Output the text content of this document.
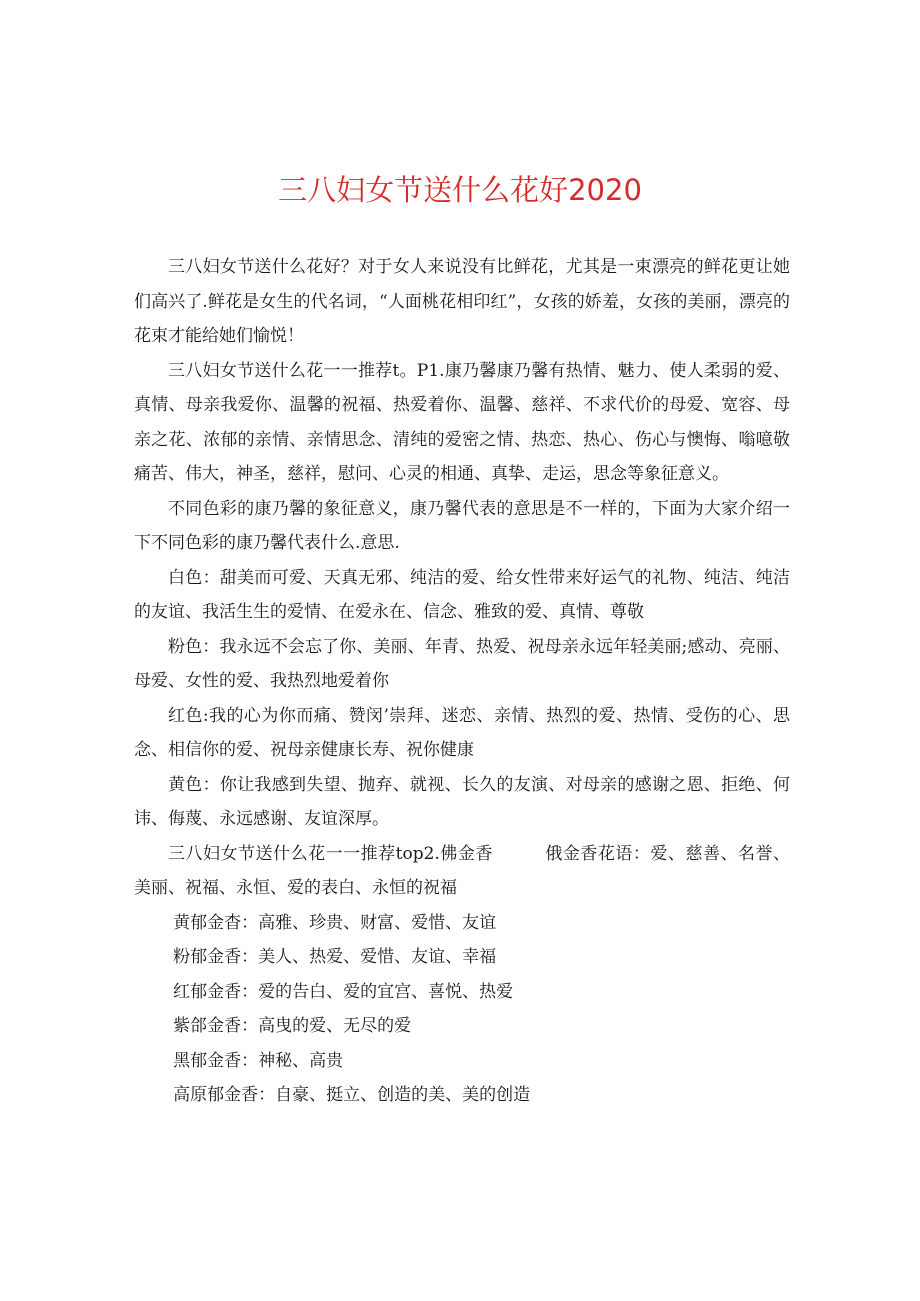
三八妇女节送什么花好2020

三八妇女节送什么花好？对于女人来说没有比鲜花，尤其是一束漂亮的鲜花更让她们高兴了.鲜花是女生的代名词，“人面桃花相印红”，女孩的娇羞，女孩的美丽，漂亮的花束才能给她们愉悦！

三八妇女节送什么花一一推荐t。P1.康乃馨康乃馨有热情、魅力、使人柔弱的爱、真情、母亲我爱你、温馨的祝福、热爱着你、温馨、慈祥、不求代价的母爱、宽容、母亲之花、浓郁的亲情、亲情思念、清纯的爱密之情、热恋、热心、伤心与懊悔、嗡噫敬痛苦、伟大，神圣，慈祥，慰问、心灵的相通、真挚、走运，思念等象征意义。

不同色彩的康乃馨的象征意义，康乃馨代表的意思是不一样的，下面为大家介绍一下不同色彩的康乃馨代表什么.意思.

白色：甜美而可爱、天真无邪、纯洁的爱、给女性带来好运气的礼物、纯洁、纯洁的友谊、我活生生的爱情、在爱永在、信念、雅致的爱、真情、尊敬

粉色：我永远不会忘了你、美丽、年青、热爱、祝母亲永远年轻美丽;感动、亮丽、母爱、女性的爱、我热烈地爱着你

红色:我的心为你而痛、赞闵’崇拜、迷恋、亲情、热烈的爱、热情、受伤的心、思念、相信你的爱、祝母亲健康长寿、祝你健康

黄色：你让我感到失望、抛弃、就视、长久的友演、对母亲的感谢之恩、拒绝、何讳、侮蔑、永远感谢、友谊深厚。

三八妇女节送什么花一一推荐top2.佛金香　　　俄金香花语：爱、慈善、名誉、美丽、祝福、永恒、爱的表白、永恒的祝福

黄郁金杳：高雅、珍贵、财富、爱惜、友谊

粉郁金香：美人、热爱、爱惜、友谊、幸福

红郁金香：爱的告白、爱的宜宫、喜悦、热爱

紫郃金香：高曳的爱、无尽的爱

黑郁金香：神秘、高贵

高原郁金香：自豪、挺立、创造的美、美的创造
